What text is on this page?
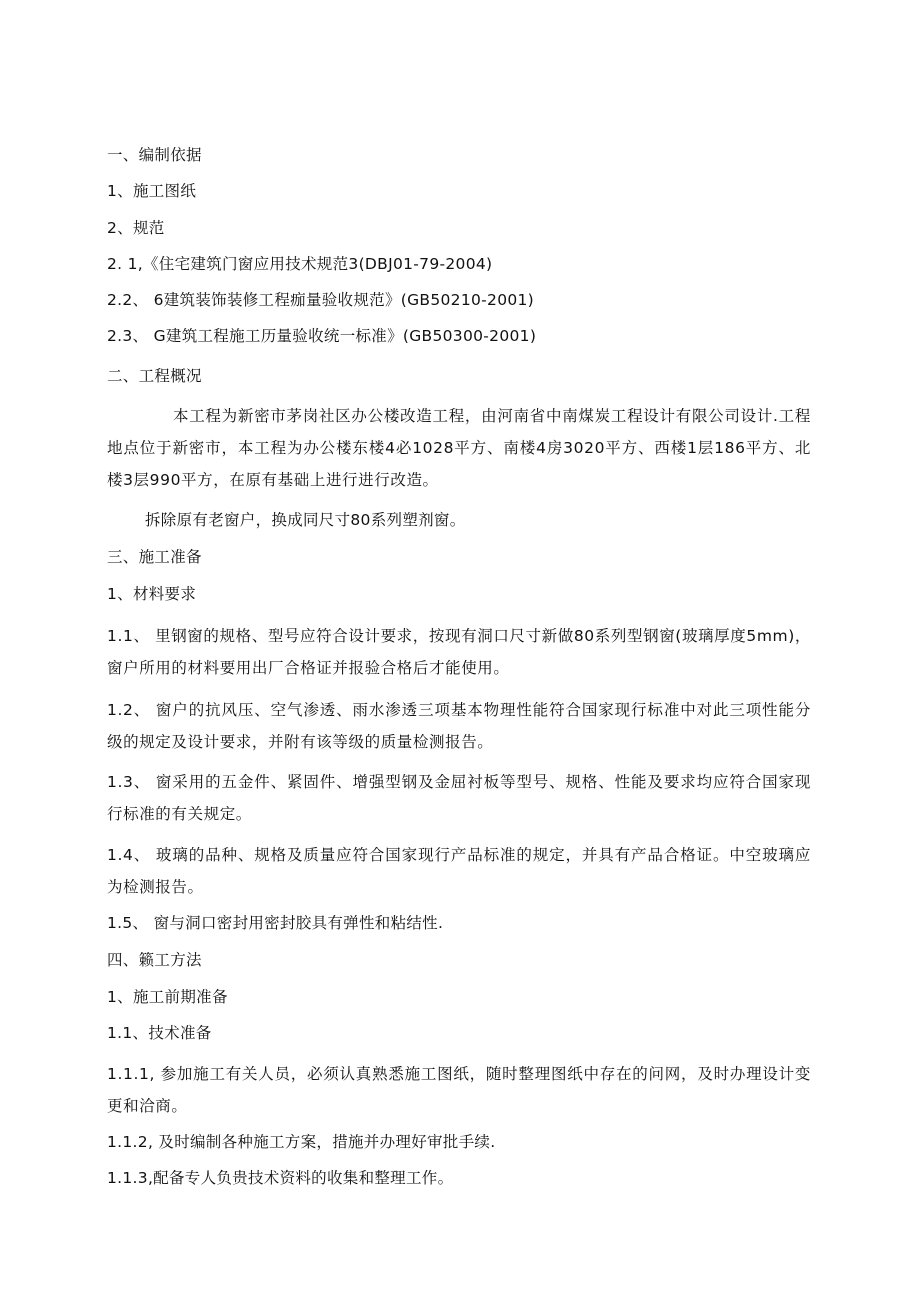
一、编制依据
1、施工图纸
2、规范
2. 1,《住宅建筑门窗应用技术规范3(DBJ01-79-2004)
2.2、 6建筑装饰装修工程痂量验收规范》(GB50210-2001)
2.3、 G建筑工程施工历量验收统一标准》(GB50300-2001)
二、工程概况
本工程为新密市茅岗社区办公楼改造工程，由河南省中南煤炭工程设计有限公司设计.工程地点位于新密市，本工程为办公楼东楼4必1028平方、南楼4房3020平方、西楼1层186平方、北楼3层990平方，在原有基础上进行进行改造。
拆除原有老窗户，换成同尺寸80系列塑剂窗。
三、施工准备
1、材料要求
1.1、 里钢窗的规格、型号应符合设计要求，按现有洞口尺寸新做80系列型钢窗(玻璃厚度5mm)，窗户所用的材料要用出厂合格证并报验合格后才能使用。
1.2、 窗户的抗风压、空气渗透、雨水渗透三项基本物理性能符合国家现行标准中对此三项性能分级的规定及设计要求，并附有该等级的质量检测报告。
1.3、 窗采用的五金件、紧固件、增强型钢及金屈衬板等型号、规格、性能及要求均应符合国家现行标准的有关规定。
1.4、 玻璃的品种、规格及质量应符合国家现行产品标准的规定，并具有产品合格证。中空玻璃应为检测报告。
1.5、 窗与洞口密封用密封胶具有弹性和粘结性.
四、籁工方法
1、施工前期准备
1.1、技术准备
1.1.1, 参加施工有关人员，必须认真熟悉施工图纸，随时整理图纸中存在的问网，及时办理设计变更和洽商。
1.1.2, 及时编制各种施工方案，措施并办理好审批手续.
1.1.3,配备专人负贵技术资料的收集和整理工作。
